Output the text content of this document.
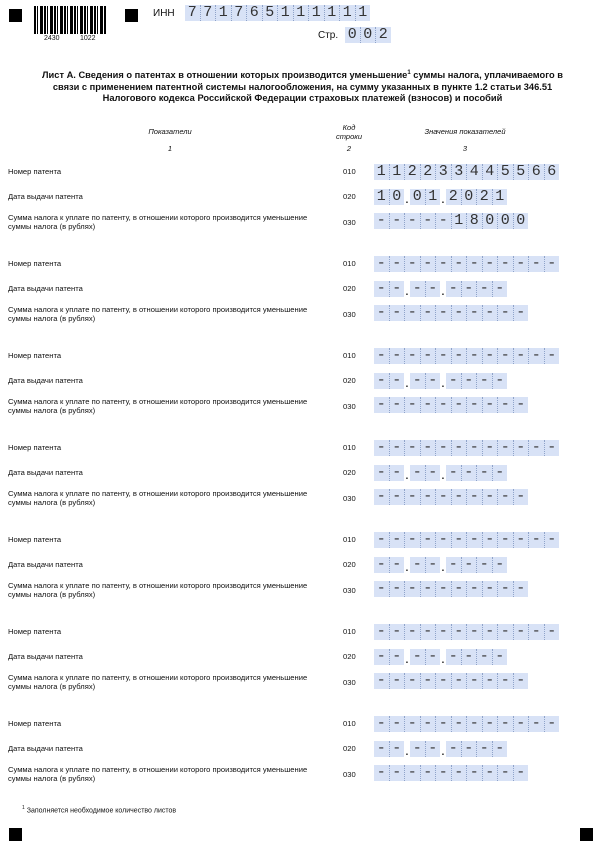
2430	1022
ИНН 7 7 1 7 6 5 1 1 1 1 1 1
Стр. 0 0 2
Лист А. Сведения о патентах в отношении которых производится уменьшение$^1$ суммы налога, уплачиваемого в связи с применением патентной системы налогообложения, на сумму указанных в пункте 1.2 статьи 346.51 Налогового кодекса Российской Федерации страховых платежей (взносов) и пособий
Показатели
1
Код строки
2
Значения показателей
3
Номер патента	010 1 1 2 2 3 3 4 4 5 5 6 6
Дата выдачи патента	020 1 0 . 0 1 . 2 0 2 1
Сумма налога к уплате по патенту, в отношении которого производится уменьшение суммы налога (в рублях)	030 - - - - - 1 8 0 0 0
Номер патента	010 - - - - - - - - - - - -
Дата выдачи патента	020 - - . - - . - - - -
Сумма налога к уплате по патенту, в отношении которого производится уменьшение суммы налога (в рублях)	030 - - - - - - - - - -
Номер патента	010 - - - - - - - - - - - -
Дата выдачи патента	020 - - . - - . - - - -
Сумма налога к уплате по патенту, в отношении которого производится уменьшение суммы налога (в рублях)	030 - - - - - - - - - -
Номер патента	010 - - - - - - - - - - - -
Дата выдачи патента	020 - - . - - . - - - -
Сумма налога к уплате по патенту, в отношении которого производится уменьшение суммы налога (в рублях)	030 - - - - - - - - - -
Номер патента	010 - - - - - - - - - - - -
Дата выдачи патента	020 - - . - - . - - - -
Сумма налога к уплате по патенту, в отношении которого производится уменьшение суммы налога (в рублях)	030 - - - - - - - - - -
Номер патента	010 - - - - - - - - - - - -
Дата выдачи патента	020 - - . - - . - - - -
Сумма налога к уплате по патенту, в отношении которого производится уменьшение суммы налога (в рублях)	030 - - - - - - - - - -
Номер патента	010 - - - - - - - - - - - -
Дата выдачи патента	020 - - . - - . - - - -
Сумма налога к уплате по патенту, в отношении которого производится уменьшение суммы налога (в рублях)	030 - - - - - - - - - -
$^1$ Заполняется необходимое количество листов
